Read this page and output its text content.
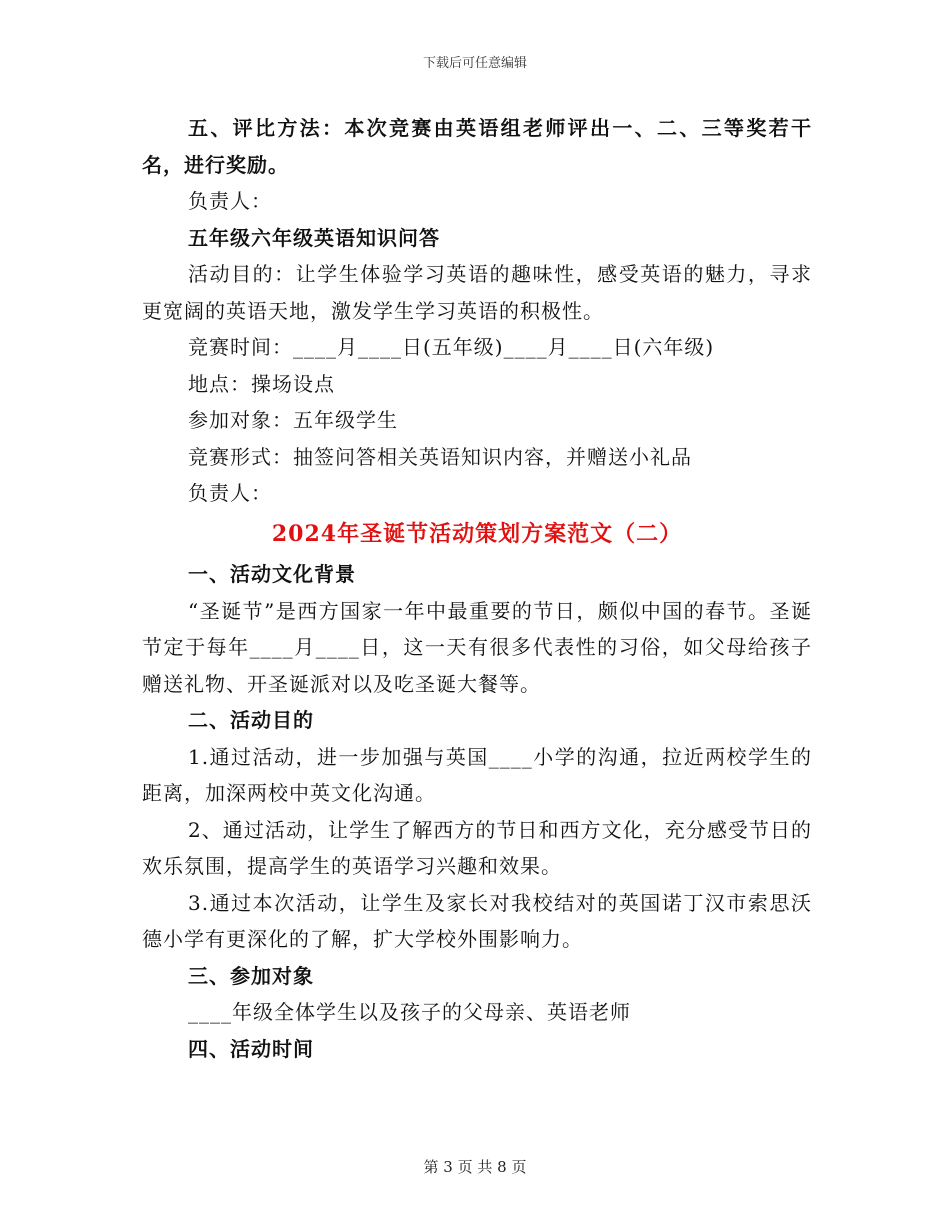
下载后可任意编辑

五、评比方法：本次竞赛由英语组老师评出一、二、三等奖若干名，进行奖励。

负责人：

五年级六年级英语知识问答

活动目的：让学生体验学习英语的趣味性，感受英语的魅力，寻求更宽阔的英语天地，激发学生学习英语的积极性。

竞赛时间：____月____日(五年级)____月____日(六年级)

地点：操场设点

参加对象：五年级学生

竞赛形式：抽签问答相关英语知识内容，并赠送小礼品

负责人：

2024年圣诞节活动策划方案范文（二）

一、活动文化背景

“圣诞节”是西方国家一年中最重要的节日，颇似中国的春节。圣诞节定于每年____月____日，这一天有很多代表性的习俗，如父母给孩子赠送礼物、开圣诞派对以及吃圣诞大餐等。

二、活动目的

1.通过活动，进一步加强与英国____小学的沟通，拉近两校学生的距离，加深两校中英文化沟通。

2、通过活动，让学生了解西方的节日和西方文化，充分感受节日的欢乐氛围，提高学生的英语学习兴趣和效果。

3.通过本次活动，让学生及家长对我校结对的英国诺丁汉市索思沃德小学有更深化的了解，扩大学校外围影响力。

三、参加对象

____年级全体学生以及孩子的父母亲、英语老师

四、活动时间

第 3 页 共 8 页
